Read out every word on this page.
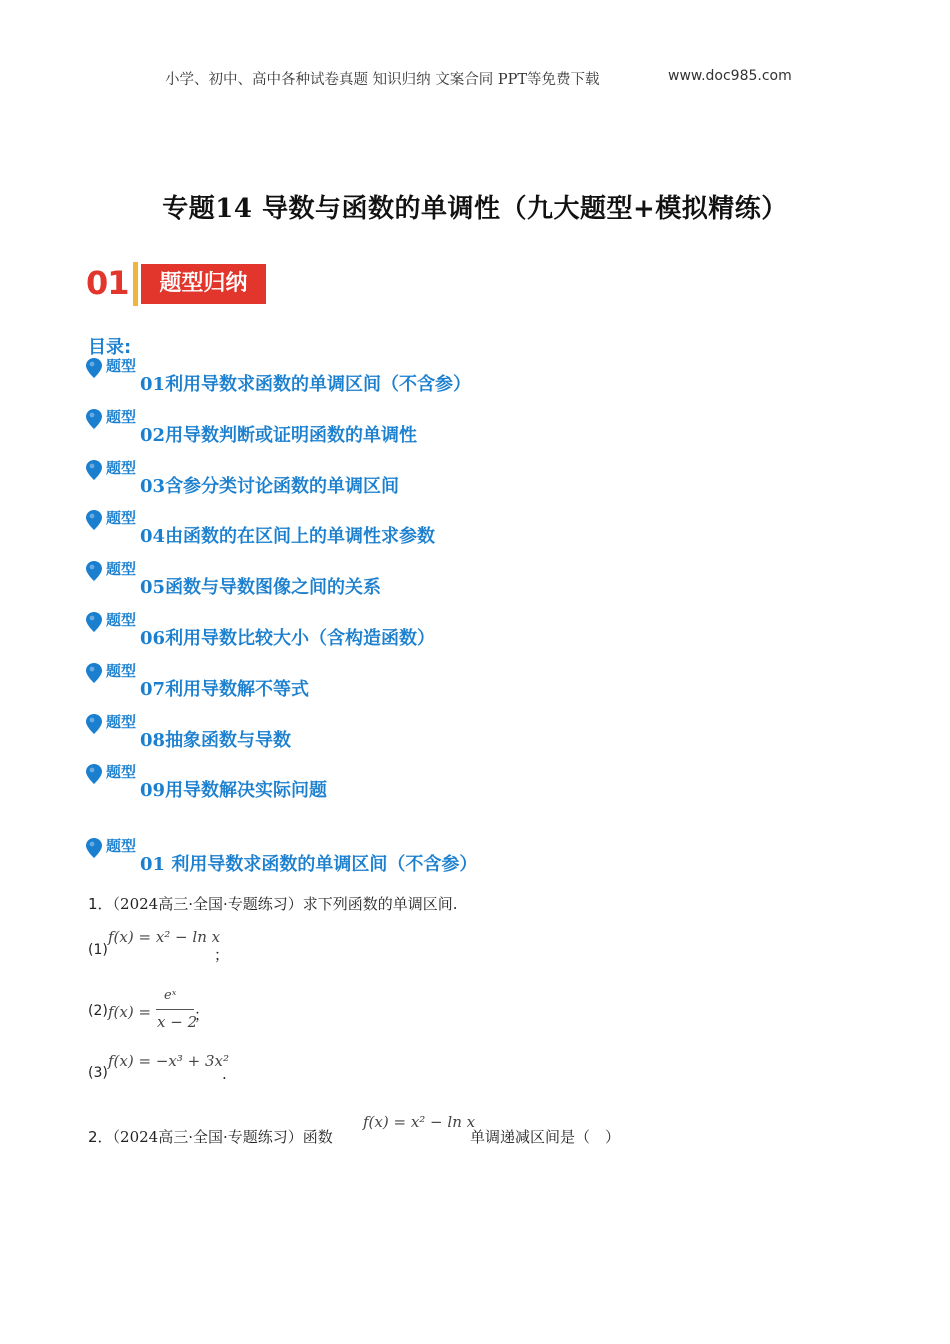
小学、初中、高中各种试卷真题 知识归纳 文案合同 PPT等免费下载	www.doc985.com
专题14 导数与函数的单调性（九大题型+模拟精练）
01	题型归纳
目录:
题型
01利用导数求函数的单调区间（不含参）
题型
02用导数判断或证明函数的单调性
题型
03含参分类讨论函数的单调区间
题型
04由函数的在区间上的单调性求参数
题型
05函数与导数图像之间的关系
题型
06利用导数比较大小（含构造函数）
题型
07利用导数解不等式
题型
08抽象函数与导数
题型
09用导数解决实际问题
题型
01 利用导数求函数的单调区间（不含参）
1．（2024高三·全国·专题练习）求下列函数的单调区间.
(1)
f(x) = x² − ln x
；
(2) f(x) =
eˣ
x − 2
；
(3)
f(x) = −x³ + 3x²
.
2．（2024高三·全国·专题练习）函数
f(x) = x² − ln x
单调递减区间是（　）
